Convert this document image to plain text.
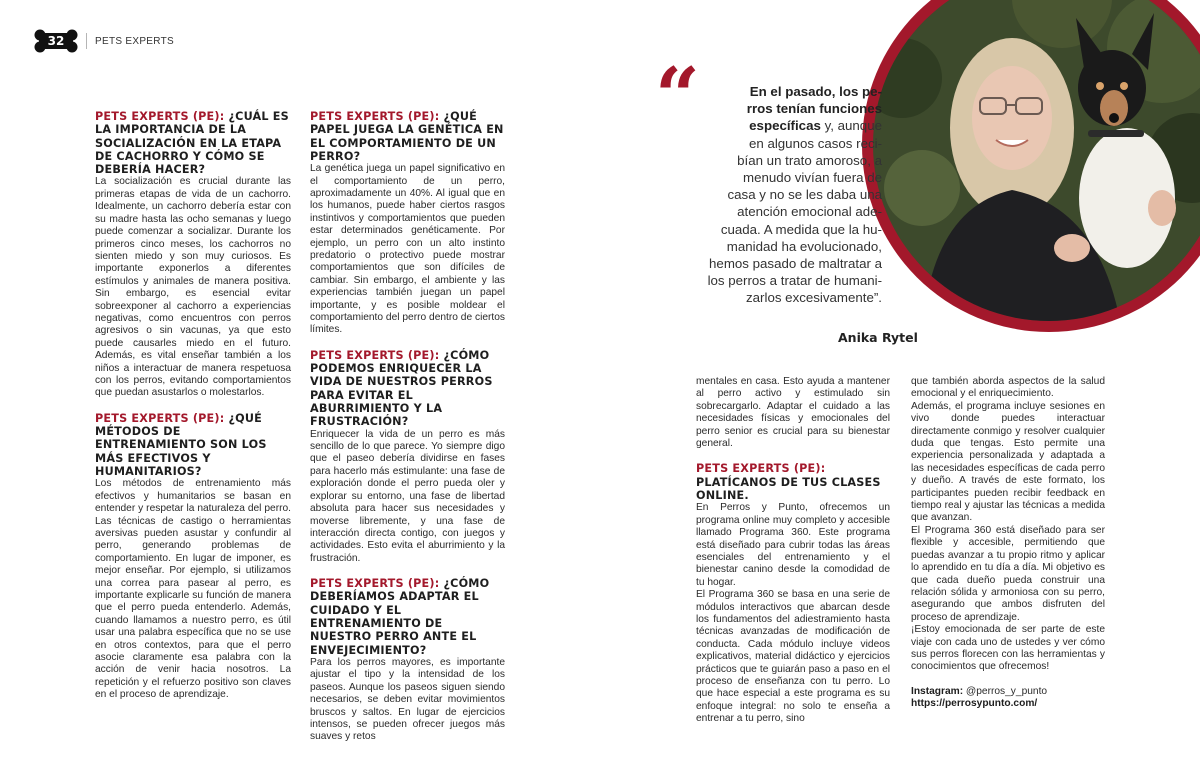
32	PETS EXPERTS
PETS EXPERTS (PE): ¿CUÁL ES LA IMPORTANCIA DE LA SOCIALIZACIÓN EN LA ETAPA DE CACHORRO Y CÓMO SE DEBERÍA HACER?

La socialización es crucial durante las primeras etapas de vida de un cachorro. Idealmente, un cachorro debería estar con su madre hasta las ocho semanas y luego puede comenzar a socializar. Durante los primeros cinco meses, los cachorros no sienten miedo y son muy curiosos. Es importante exponerlos a diferentes estímulos y animales de manera positiva. Sin embargo, es esencial evitar sobreexponer al cachorro a experiencias negativas, como encuentros con perros agresivos o sin vacunas, ya que esto puede causarles miedo en el futuro. Además, es vital enseñar también a los niños a interactuar de manera respetuosa con los perros, evitando comportamientos que puedan asustarlos o molestarlos.

PETS EXPERTS (PE): ¿QUÉ MÉTODOS DE ENTRENAMIENTO SON LOS MÁS EFECTIVOS Y HUMANITARIOS?

Los métodos de entrenamiento más efectivos y humanitarios se basan en entender y respetar la naturaleza del perro. Las técnicas de castigo o herramientas aversivas pueden asustar y confundir al perro, generando problemas de comportamiento. En lugar de imponer, es mejor enseñar. Por ejemplo, si utilizamos una correa para pasear al perro, es importante explicarle su función de manera que el perro pueda entenderlo. Además, cuando llamamos a nuestro perro, es útil usar una palabra específica que no se use en otros contextos, para que el perro asocie claramente esa palabra con la acción de venir hacia nosotros. La repetición y el refuerzo positivo son claves en el proceso de aprendizaje.

PETS EXPERTS (PE): ¿QUÉ PAPEL JUEGA LA GENÉTICA EN EL COMPORTAMIENTO DE UN PERRO?

La genética juega un papel significativo en el comportamiento de un perro, aproximadamente un 40%. Al igual que en los humanos, puede haber ciertos rasgos instintivos y comportamientos que pueden estar determinados genéticamente. Por ejemplo, un perro con un alto instinto predatorio o protectivo puede mostrar comportamientos que son difíciles de cambiar. Sin embargo, el ambiente y las experiencias también juegan un papel importante, y es posible moldear el comportamiento del perro dentro de ciertos límites.

PETS EXPERTS (PE): ¿CÓMO PODEMOS ENRIQUECER LA VIDA DE NUESTROS PERROS PARA EVITAR EL ABURRIMIENTO Y LA FRUSTRACIÓN?

Enriquecer la vida de un perro es más sencillo de lo que parece. Yo siempre digo que el paseo debería dividirse en fases para hacerlo más estimulante: una fase de exploración donde el perro pueda oler y explorar su entorno, una fase de libertad absoluta para hacer sus necesidades y moverse libremente, y una fase de interacción directa contigo, con juegos y actividades. Esto evita el aburrimiento y la frustración.

PETS EXPERTS (PE): ¿CÓMO DEBERÍAMOS ADAPTAR EL CUIDADO Y EL ENTRENAMIENTO DE NUESTRO PERRO ANTE EL ENVEJECIMIENTO?

Para los perros mayores, es importante ajustar el tipo y la intensidad de los paseos. Aunque los paseos siguen siendo necesarios, se deben evitar movimientos bruscos y saltos. En lugar de ejercicios intensos, se pueden ofrecer juegos más suaves y retos

“	En el pasado, los pe-
rros tenían funciones
específicas y, aunque
en algunos casos reci-
bían un trato amoroso, a
menudo vivían fuera de
casa y no se les daba una
atención emocional ade-
cuada. A medida que la hu-
manidad ha evolucionado,
hemos pasado de maltratar a
los perros a tratar de humani-
zarlos excesivamente”.
Anika Rytel

mentales en casa. Esto ayuda a mantener al perro activo y estimulado sin sobrecargarlo. Adaptar el cuidado a las necesidades físicas y emocionales del perro senior es crucial para su bienestar general.

PETS EXPERTS (PE): PLATÍCANOS DE TUS CLASES ONLINE.

En Perros y Punto, ofrecemos un programa online muy completo y accesible llamado Programa 360. Este programa está diseñado para cubrir todas las áreas esenciales del entrenamiento y el bienestar canino desde la comodidad de tu hogar.

El Programa 360 se basa en una serie de módulos interactivos que abarcan desde los fundamentos del adiestramiento hasta técnicas avanzadas de modificación de conducta. Cada módulo incluye videos explicativos, material didáctico y ejercicios prácticos que te guiarán paso a paso en el proceso de enseñanza con tu perro. Lo que hace especial a este programa es su enfoque integral: no solo te enseña a entrenar a tu perro, sino

que también aborda aspectos de la salud emocional y el enriquecimiento.

Además, el programa incluye sesiones en vivo donde puedes interactuar directamente conmigo y resolver cualquier duda que tengas. Esto permite una experiencia personalizada y adaptada a las necesidades específicas de cada perro y dueño. A través de este formato, los participantes pueden recibir feedback en tiempo real y ajustar las técnicas a medida que avanzan.

El Programa 360 está diseñado para ser flexible y accesible, permitiendo que puedas avanzar a tu propio ritmo y aplicar lo aprendido en tu día a día. Mi objetivo es que cada dueño pueda construir una relación sólida y armoniosa con su perro, asegurando que ambos disfruten del proceso de aprendizaje.

¡Estoy emocionada de ser parte de este viaje con cada uno de ustedes y ver cómo sus perros florecen con las herramientas y conocimientos que ofrecemos!

Instagram: @perros_y_punto

https://perrosypunto.com/
